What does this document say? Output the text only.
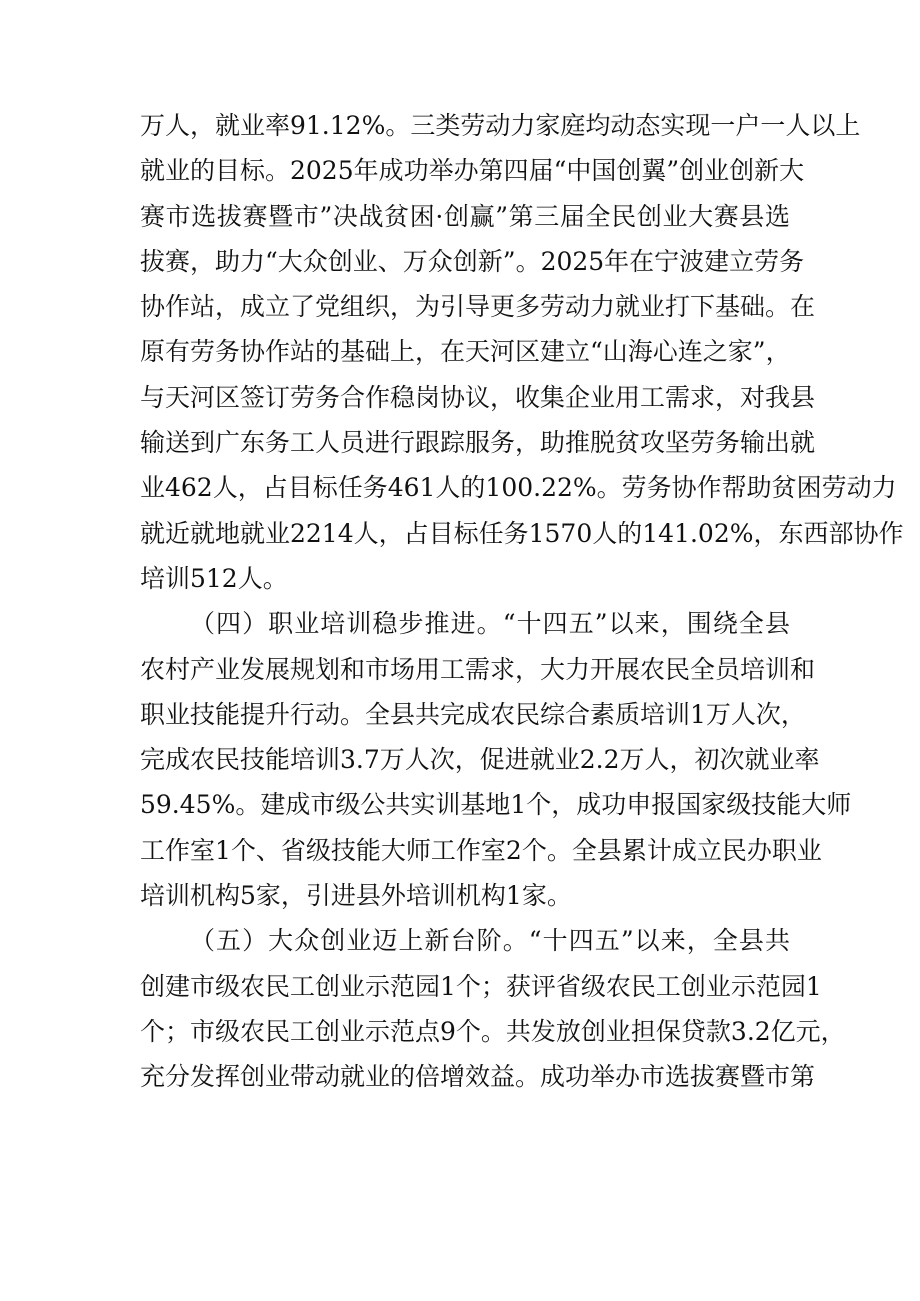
万人，就业率91.12%。三类劳动力家庭均动态实现一户一人以上
就业的目标。2025年成功举办第四届“中国创翼”创业创新大
赛市选拔赛暨市”决战贫困·创赢”第三届全民创业大赛县选
拔赛，助力“大众创业、万众创新”。2025年在宁波建立劳务
协作站，成立了党组织，为引导更多劳动力就业打下基础。在
原有劳务协作站的基础上，在天河区建立“山海心连之家”，
与天河区签订劳务合作稳岗协议，收集企业用工需求，对我县
输送到广东务工人员进行跟踪服务，助推脱贫攻坚劳务输出就
业462人，占目标任务461人的100.22%。劳务协作帮助贫困劳动力
就近就地就业2214人，占目标任务1570人的141.02%，东西部协作
培训512人。
（四）职业培训稳步推进。“十四五”以来，围绕全县
农村产业发展规划和市场用工需求，大力开展农民全员培训和
职业技能提升行动。全县共完成农民综合素质培训1万人次，
完成农民技能培训3.7万人次，促进就业2.2万人，初次就业率
59.45%。建成市级公共实训基地1个，成功申报国家级技能大师
工作室1个、省级技能大师工作室2个。全县累计成立民办职业
培训机构5家，引进县外培训机构1家。
（五）大众创业迈上新台阶。“十四五”以来，全县共
创建市级农民工创业示范园1个；获评省级农民工创业示范园1
个；市级农民工创业示范点9个。共发放创业担保贷款3.2亿元，
充分发挥创业带动就业的倍增效益。成功举办市选拔赛暨市第
